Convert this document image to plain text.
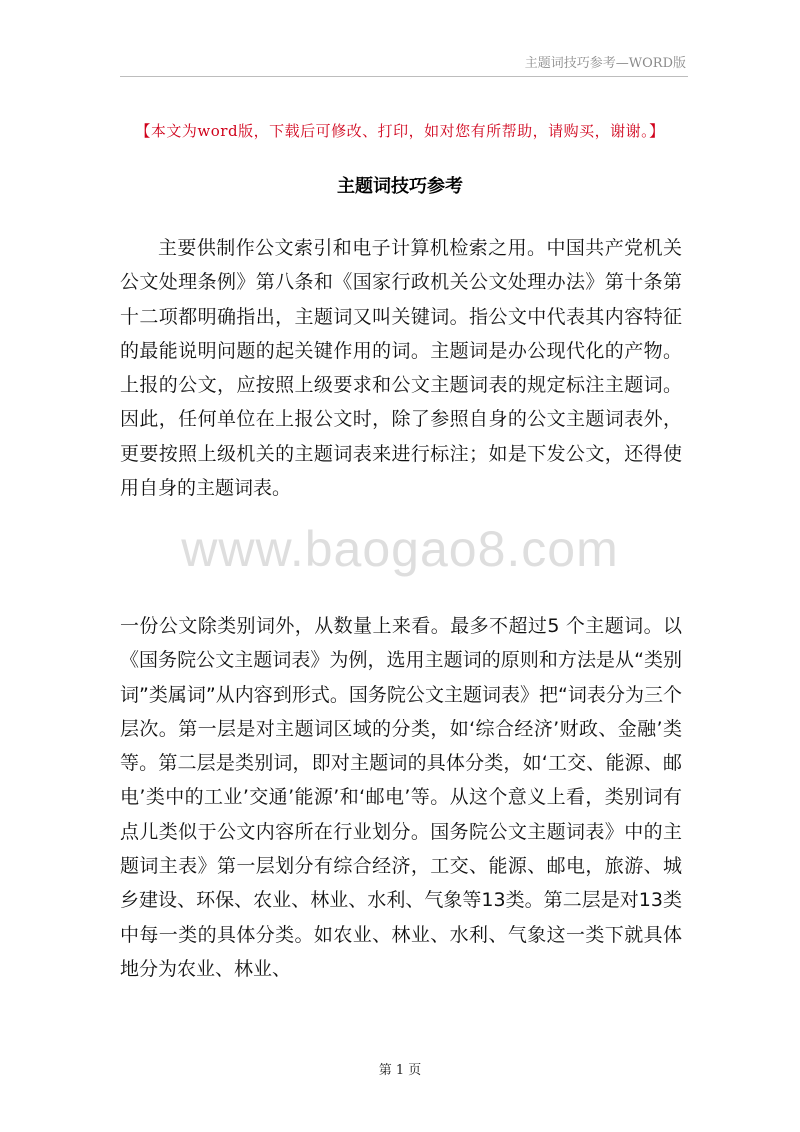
主题词技巧参考—WORD版
【本文为word版，下载后可修改、打印，如对您有所帮助，请购买，谢谢。】
主题词技巧参考
主要供制作公文索引和电子计算机检索之用。中国共产党机关公文处理条例》第八条和《国家行政机关公文处理办法》第十条第十二项都明确指出，主题词又叫关键词。指公文中代表其内容特征的最能说明问题的起关键作用的词。主题词是办公现代化的产物。上报的公文，应按照上级要求和公文主题词表的规定标注主题词。因此，任何单位在上报公文时，除了参照自身的公文主题词表外，更要按照上级机关的主题词表来进行标注；如是下发公文，还得使用自身的主题词表。
www.baogao8.com
一份公文除类别词外，从数量上来看。最多不超过5 个主题词。以《国务院公文主题词表》为例，选用主题词的原则和方法是从“类别词”类属词”从内容到形式。国务院公文主题词表》把“词表分为三个层次。第一层是对主题词区域的分类，如‘综合经济’财政、金融’类等。第二层是类别词，即对主题词的具体分类，如‘工交、能源、邮电’类中的工业’交通’能源’和‘邮电’等。从这个意义上看，类别词有点儿类似于公文内容所在行业划分。国务院公文主题词表》中的主题词主表》第一层划分有综合经济，工交、能源、邮电，旅游、城乡建设、环保、农业、林业、水利、气象等13类。第二层是对13类中每一类的具体分类。如农业、林业、水利、气象这一类下就具体地分为农业、林业、
第 1 页
